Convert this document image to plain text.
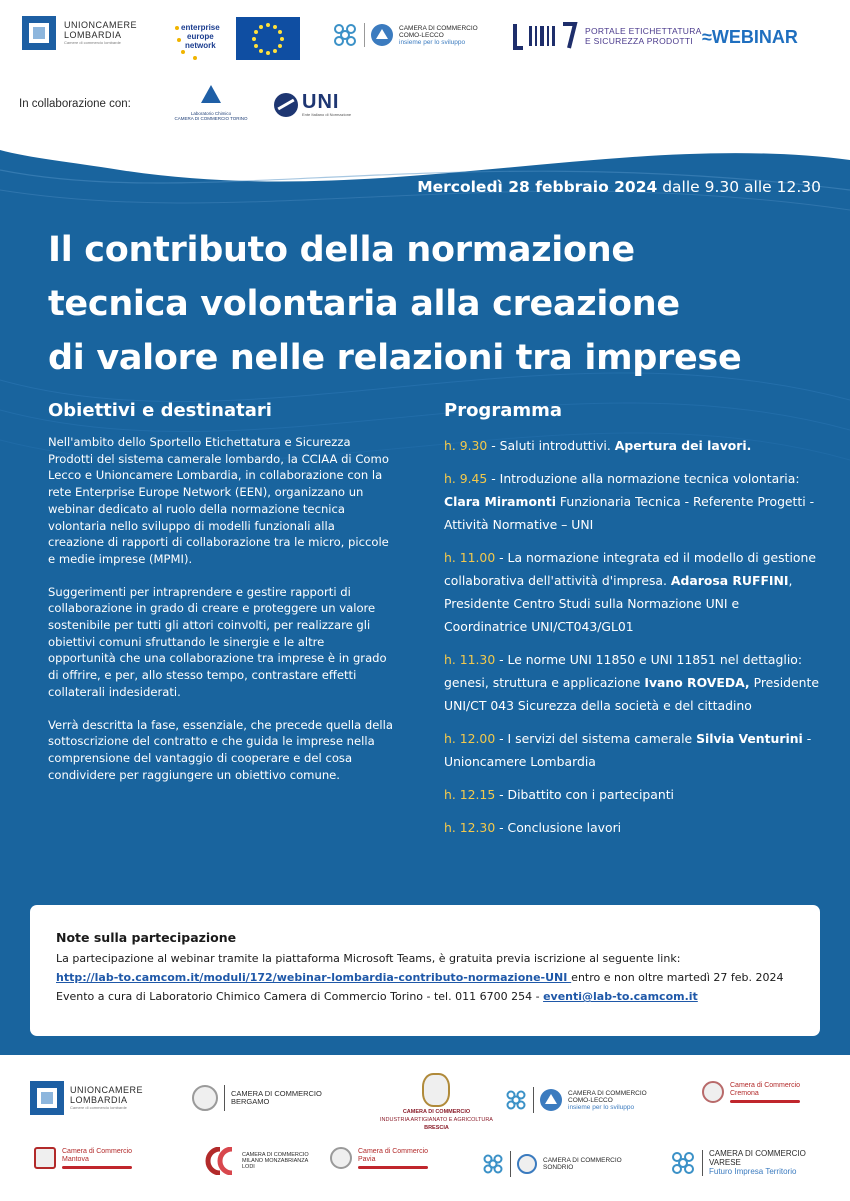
UNIONCAMERE
LOMBARDIA
Camere di commercio lombarde
enterprise
europe
network
CAMERA DI COMMERCIO
COMO-LECCO
insieme per lo sviluppo
PORTALE ETICHETTATURA
E SICUREZZA PRODOTTI ≈WEBINAR
In collaborazione con:
Laboratorio Chimico
CAMERA DI COMMERCIO TORINO
UNI
Ente Italiano di Normazione
Mercoledì 28 febbraio 2024 dalle 9.30 alle 12.30
Il contributo della normazione
tecnica volontaria alla creazione
di valore nelle relazioni tra imprese
Obiettivi e destinatari
Nell'ambito dello Sportello Etichettatura e Sicurezza Prodotti del sistema camerale lombardo, la CCIAA di Como Lecco e Unioncamere Lombardia, in collaborazione con la rete Enterprise Europe Network (EEN), organizzano un webinar dedicato al ruolo della normazione tecnica volontaria nello sviluppo di modelli funzionali alla creazione di rapporti di collaborazione tra le micro, piccole e medie imprese (MPMI).
Suggerimenti per intraprendere e gestire rapporti di collaborazione in grado di creare e proteggere un valore sostenibile per tutti gli attori coinvolti, per realizzare gli obiettivi comuni sfruttando le sinergie e le altre opportunità che una collaborazione tra imprese è in grado di offrire, e per, allo stesso tempo, contrastare effetti collaterali indesiderati.
Verrà descritta la fase, essenziale, che precede quella della sottoscrizione del contratto e che guida le imprese nella comprensione del vantaggio di cooperare e del cosa condividere per raggiungere un obiettivo comune.
Programma
h. 9.30 - Saluti introduttivi. Apertura dei lavori.
h. 9.45 - Introduzione alla normazione tecnica volontaria: Clara Miramonti Funzionaria Tecnica - Referente Progetti - Attività Normative – UNI
h. 11.00 - La normazione integrata ed il modello di gestione collaborativa dell'attività d'impresa. Adarosa RUFFINI, Presidente Centro Studi sulla Normazione UNI e Coordinatrice UNI/CT043/GL01
h. 11.30 - Le norme UNI 11850 e UNI 11851 nel dettaglio: genesi, struttura e applicazione Ivano ROVEDA, Presidente UNI/CT 043 Sicurezza della società e del cittadino
h. 12.00 - I servizi del sistema camerale Silvia Venturini - Unioncamere Lombardia
h. 12.15 - Dibattito con i partecipanti
h. 12.30 - Conclusione lavori
Note sulla partecipazione
La partecipazione al webinar tramite la piattaforma Microsoft Teams, è gratuita previa iscrizione al seguente link:
http://lab-to.camcom.it/moduli/172/webinar-lombardia-contributo-normazione-UNI entro e non oltre martedì 27 feb. 2024
Evento a cura di Laboratorio Chimico Camera di Commercio Torino - tel. 011 6700 254 - eventi@lab-to.camcom.it
UNIONCAMERE
LOMBARDIA
Camere di commercio lombarde
CAMERA DI COMMERCIO
BERGAMO
CAMERA DI COMMERCIO
INDUSTRIA ARTIGIANATO E AGRICOLTURA
BRESCIA
CAMERA DI COMMERCIO
COMO-LECCO
insieme per lo sviluppo
Camera di Commercio
Cremona
Camera di Commercio
Mantova
CAMERA DI COMMERCIO
MILANO MONZABRIANZA
LODI
Camera di Commercio
Pavia	CAMERA DI COMMERCIO
SONDRIO
CAMERA DI COMMERCIO
VARESE
Futuro Impresa Territorio
